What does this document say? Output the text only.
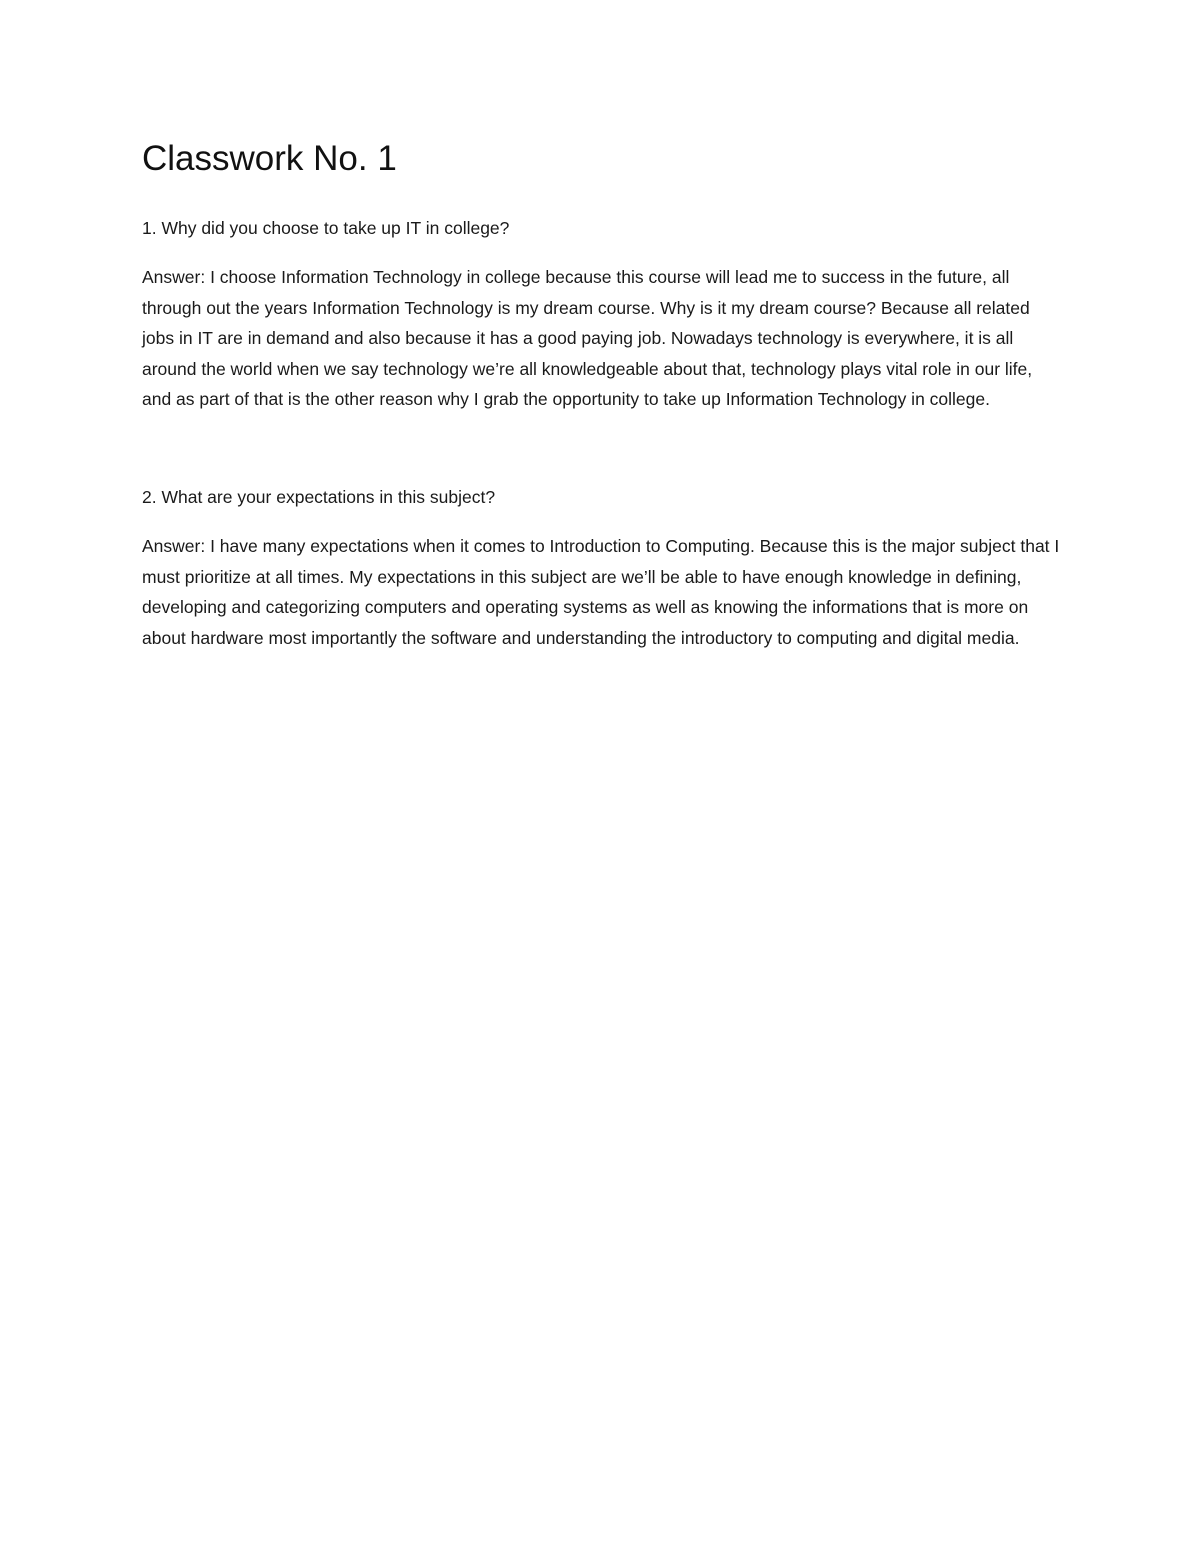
Classwork No. 1

1. Why did you choose to take up IT in college?

Answer: I choose Information Technology in college because this course will lead me to success in the future, all through out the years Information Technology is my dream course. Why is it my dream course? Because all related jobs in IT are in demand and also because it has a good paying job. Nowadays technology is everywhere, it is all around the world when we say technology we’re all knowledgeable about that, technology plays vital role in our life, and as part of that is the other reason why I grab the opportunity to take up Information Technology in college.

2. What are your expectations in this subject?

Answer: I have many expectations when it comes to Introduction to Computing. Because this is the major subject that I must prioritize at all times. My expectations in this subject are we’ll be able to have enough knowledge in defining, developing and categorizing computers and operating systems as well as knowing the informations that is more on about hardware most importantly the software and understanding the introductory to computing and digital media.
